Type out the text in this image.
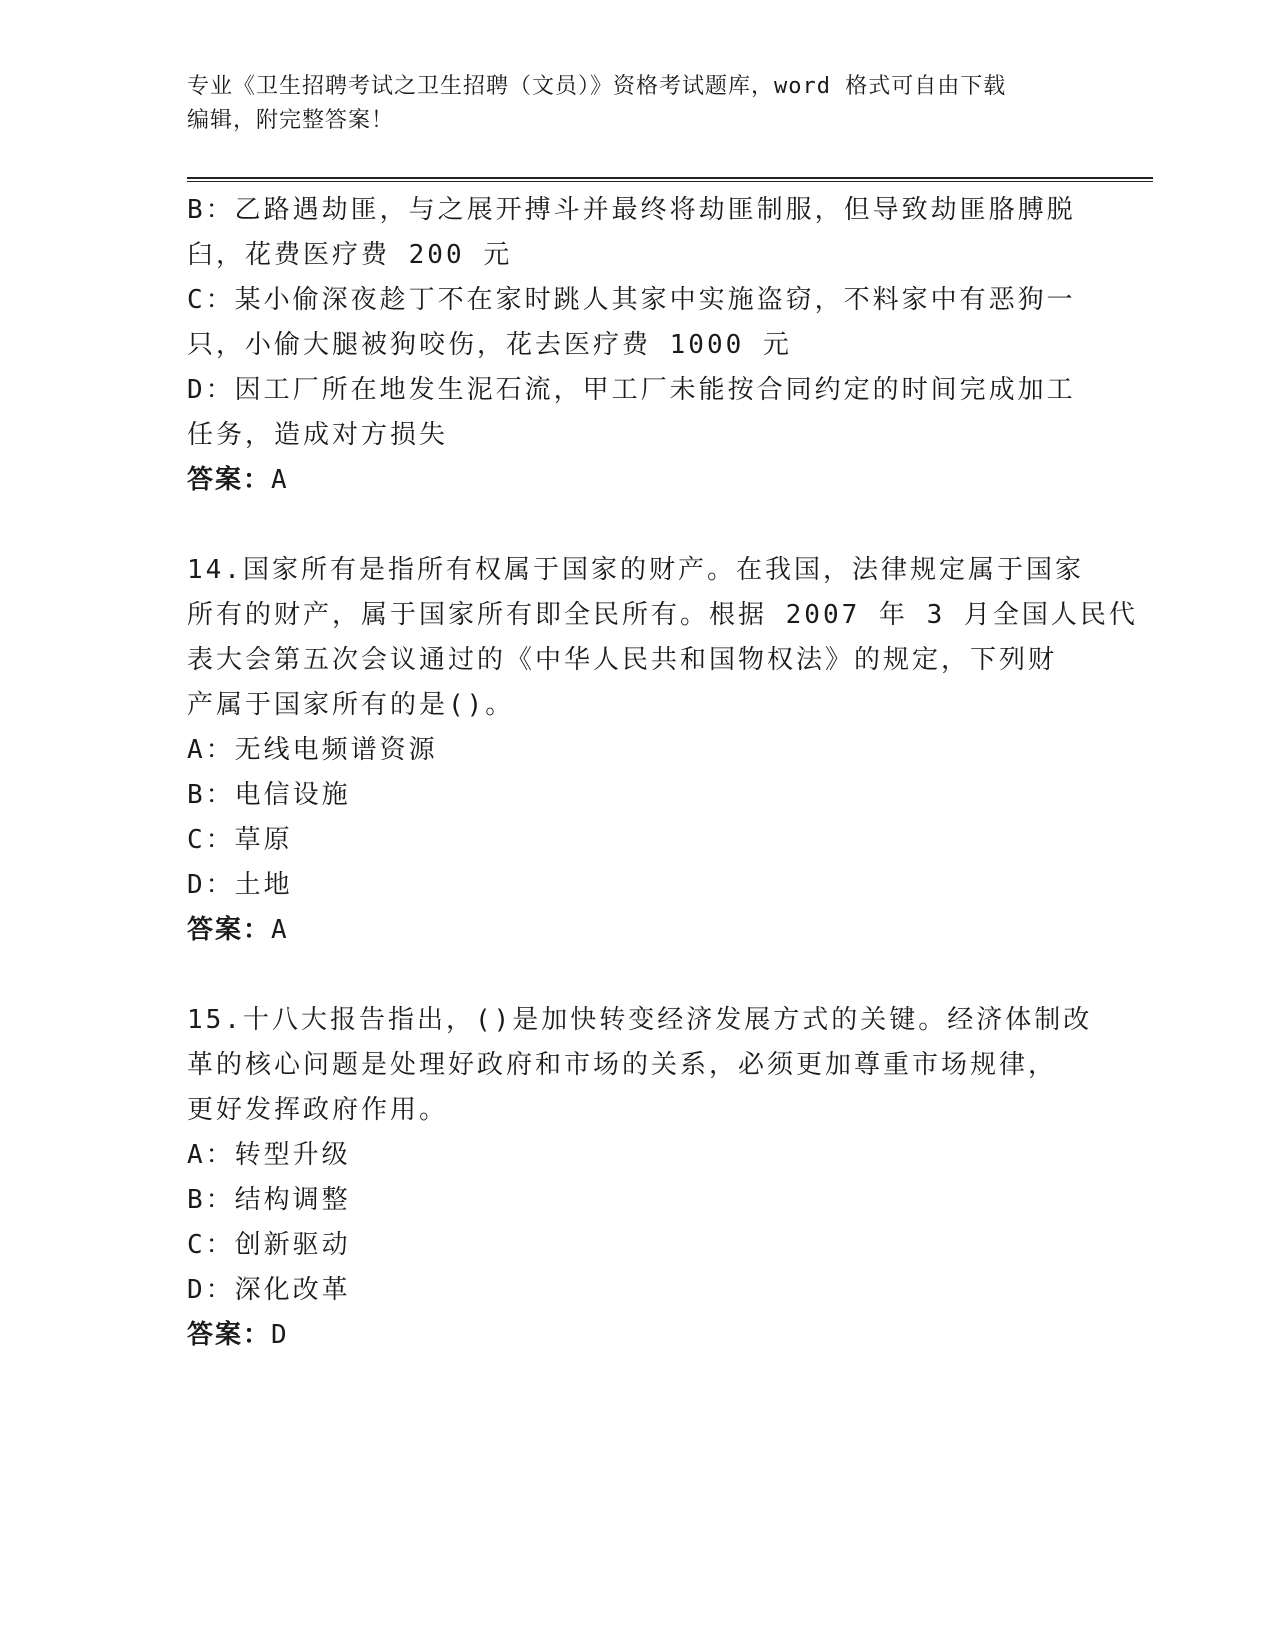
专业《卫生招聘考试之卫生招聘（文员）》资格考试题库，word 格式可自由下载
编辑，附完整答案！
B：乙路遇劫匪，与之展开搏斗并最终将劫匪制服，但导致劫匪胳膊脱
臼，花费医疗费 200 元
C：某小偷深夜趁丁不在家时跳人其家中实施盗窃，不料家中有恶狗一
只，小偷大腿被狗咬伤，花去医疗费 1000 元
D：因工厂所在地发生泥石流，甲工厂未能按合同约定的时间完成加工
任务，造成对方损失
答案：A
14.国家所有是指所有权属于国家的财产。在我国，法律规定属于国家
所有的财产，属于国家所有即全民所有。根据 2007 年 3 月全国人民代
表大会第五次会议通过的《中华人民共和国物权法》的规定，下列财
产属于国家所有的是()。
A：无线电频谱资源
B：电信设施
C：草原
D：土地
答案：A
15.十八大报告指出，()是加快转变经济发展方式的关键。经济体制改
革的核心问题是处理好政府和市场的关系，必须更加尊重市场规律，
更好发挥政府作用。
A：转型升级
B：结构调整
C：创新驱动
D：深化改革
答案：D
